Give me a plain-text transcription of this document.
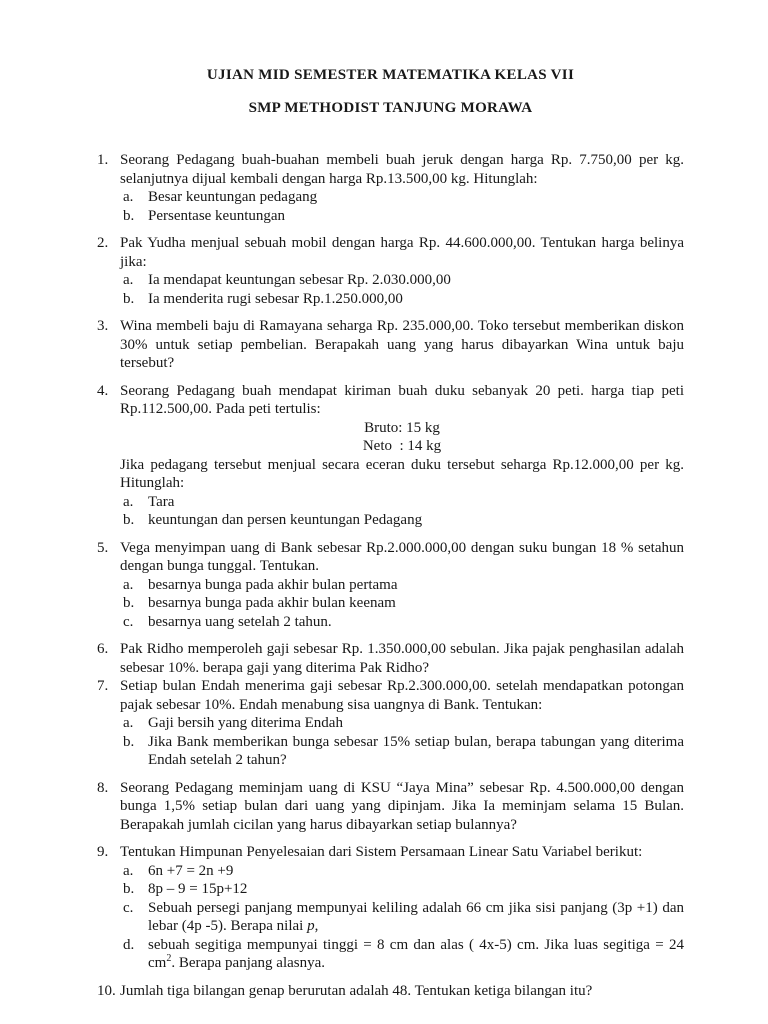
UJIAN MID SEMESTER MATEMATIKA KELAS VII
SMP METHODIST TANJUNG MORAWA
1. Seorang Pedagang buah-buahan membeli buah jeruk dengan harga Rp. 7.750,00 per kg. selanjutnya dijual kembali dengan harga Rp.13.500,00 kg. Hitunglah:
a. Besar keuntungan pedagang
b. Persentase keuntungan
2. Pak Yudha menjual sebuah mobil dengan harga Rp. 44.600.000,00. Tentukan harga belinya jika:
a. Ia mendapat keuntungan sebesar Rp. 2.030.000,00
b. Ia menderita rugi sebesar Rp.1.250.000,00
3. Wina membeli baju di Ramayana seharga Rp. 235.000,00. Toko tersebut memberikan diskon 30% untuk setiap pembelian. Berapakah uang yang harus dibayarkan Wina untuk baju tersebut?
4. Seorang Pedagang buah mendapat kiriman buah duku sebanyak 20 peti. harga tiap peti Rp.112.500,00. Pada peti tertulis:
Bruto: 15 kg
Neto  : 14 kg
Jika pedagang tersebut menjual secara eceran duku tersebut seharga Rp.12.000,00 per kg. Hitunglah:
a. Tara
b. keuntungan dan persen keuntungan Pedagang
5. Vega menyimpan uang di Bank sebesar Rp.2.000.000,00 dengan suku bungan 18 % setahun dengan bunga tunggal. Tentukan.
a. besarnya bunga pada akhir bulan pertama
b. besarnya bunga pada akhir bulan keenam
c. besarnya uang setelah 2 tahun.
6. Pak Ridho memperoleh gaji sebesar Rp. 1.350.000,00 sebulan. Jika pajak penghasilan adalah sebesar 10%. berapa gaji yang diterima Pak Ridho?
7. Setiap bulan Endah menerima gaji sebesar Rp.2.300.000,00. setelah mendapatkan potongan pajak sebesar 10%. Endah menabung sisa uangnya di Bank. Tentukan:
a. Gaji bersih yang diterima Endah
b. Jika Bank memberikan bunga sebesar 15% setiap bulan, berapa tabungan yang diterima Endah setelah 2 tahun?
8. Seorang Pedagang meminjam uang di KSU “Jaya Mina” sebesar Rp. 4.500.000,00 dengan bunga 1,5% setiap bulan dari uang yang dipinjam. Jika Ia meminjam selama 15 Bulan. Berapakah jumlah cicilan yang harus dibayarkan setiap bulannya?
9. Tentukan Himpunan Penyelesaian dari Sistem Persamaan Linear Satu Variabel berikut:
a. 6n +7 = 2n +9
b. 8p – 9 = 15p+12
c. Sebuah persegi panjang mempunyai keliling adalah 66 cm jika sisi panjang (3p +1) dan lebar (4p -5). Berapa nilai p,
d. sebuah segitiga mempunyai tinggi = 8 cm dan alas ( 4x-5) cm. Jika luas segitiga = 24 $cm^2$. Berapa panjang alasnya.
10. Jumlah tiga bilangan genap berurutan adalah 48. Tentukan ketiga bilangan itu?
